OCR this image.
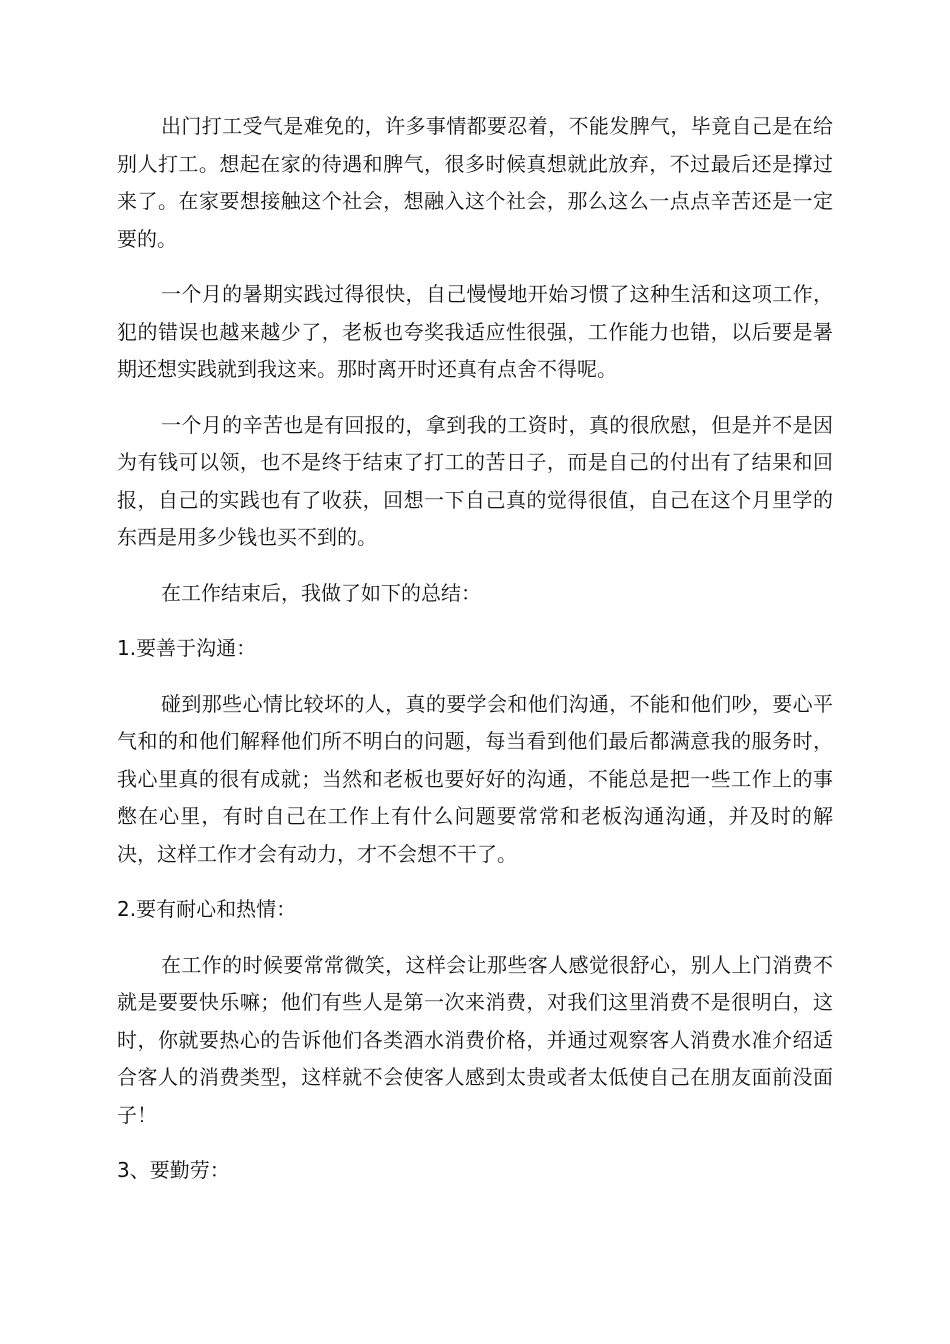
出门打工受气是难免的，许多事情都要忍着，不能发脾气，毕竟自己是在给别人打工。想起在家的待遇和脾气，很多时候真想就此放弃，不过最后还是撑过来了。在家要想接触这个社会，想融入这个社会，那么这么一点点辛苦还是一定要的。

一个月的暑期实践过得很快，自己慢慢地开始习惯了这种生活和这项工作，犯的错误也越来越少了，老板也夸奖我适应性很强，工作能力也错，以后要是暑期还想实践就到我这来。那时离开时还真有点舍不得呢。

一个月的辛苦也是有回报的，拿到我的工资时，真的很欣慰，但是并不是因为有钱可以领，也不是终于结束了打工的苦日子，而是自己的付出有了结果和回报，自己的实践也有了收获，回想一下自己真的觉得很值，自己在这个月里学的东西是用多少钱也买不到的。

在工作结束后，我做了如下的总结：

1.要善于沟通：

碰到那些心情比较坏的人，真的要学会和他们沟通，不能和他们吵，要心平气和的和他们解释他们所不明白的问题，每当看到他们最后都满意我的服务时，我心里真的很有成就；当然和老板也要好好的沟通，不能总是把一些工作上的事憋在心里，有时自己在工作上有什么问题要常常和老板沟通沟通，并及时的解决，这样工作才会有动力，才不会想不干了。

2.要有耐心和热情：

在工作的时候要常常微笑，这样会让那些客人感觉很舒心，别人上门消费不就是要要快乐嘛；他们有些人是第一次来消费，对我们这里消费不是很明白，这时，你就要热心的告诉他们各类酒水消费价格，并通过观察客人消费水准介绍适合客人的消费类型，这样就不会使客人感到太贵或者太低使自己在朋友面前没面子！

3、要勤劳：
